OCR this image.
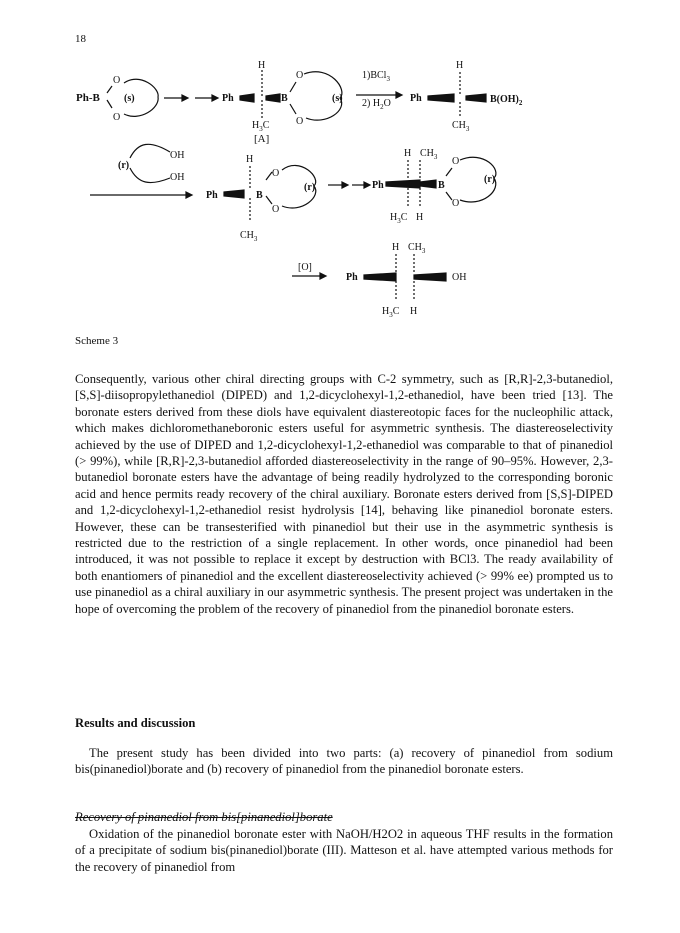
18
Ph-B
O
O
(s)	Ph
H
B
O
O
(s)
$H_3C$
1)BCl$_3$
2) $H_2O$ Ph
H
$B(OH)_2$
$CH_3$
[A]
(r)
OH
OH
H
Ph	B
O
O
(r)
$CH_3$
Ph
H $CH_3$
B
O
O
(r)
$H_3C$ H
[O]
Ph
H $CH_3$
OH
$H_3C$ H
Scheme 3

Consequently, various other chiral directing groups with C-2 symmetry, such as [R,R]-2,3-butanediol, [S,S]-diisopropylethanediol (DIPED) and 1,2-dicyclohexyl-1,2-ethanediol, have been tried [13]. The boronate esters derived from these diols have equivalent diastereotopic faces for the nucleophilic attack, which makes dichloromethaneboronic esters useful for asymmetric synthesis. The diastereoselectivity achieved by the use of DIPED and 1,2-dicyclohexyl-1,2-ethanediol was comparable to that of pinanediol (> 99%), while [R,R]-2,3-butanediol afforded diastereoselectivity in the range of 90–95%. However, 2,3-butanediol boronate esters have the advantage of being readily hydrolyzed to the corresponding boronic acid and hence permits ready recovery of the chiral auxiliary. Boronate esters derived from [S,S]-DIPED and 1,2-dicyclohexyl-1,2-ethanediol resist hydrolysis [14], behaving like pinanediol boronate esters. However, these can be transesterified with pinanediol but their use in the asymmetric synthesis is restricted due to the restriction of a single replacement. In other words, once pinanediol had been introduced, it was not possible to replace it except by destruction with BCl3. The ready availability of both enantiomers of pinanediol and the excellent diastereoselectivity achieved (> 99% ee) prompted us to use pinanediol as a chiral auxiliary in our asymmetric synthesis. The present project was undertaken in the hope of overcoming the problem of the recovery of pinanediol from the pinanediol boronate esters.

Results and discussion

The present study has been divided into two parts: (a) recovery of pinanediol from sodium bis(pinanediol)borate and (b) recovery of pinanediol from the pinanediol boronate esters.

Recovery of pinanediol from bis[pinanediol]borate

Oxidation of the pinanediol boronate ester with NaOH/H2O2 in aqueous THF results in the formation of a precipitate of sodium bis(pinanediol)borate (III). Matteson et al. have attempted various methods for the recovery of pinanediol from
